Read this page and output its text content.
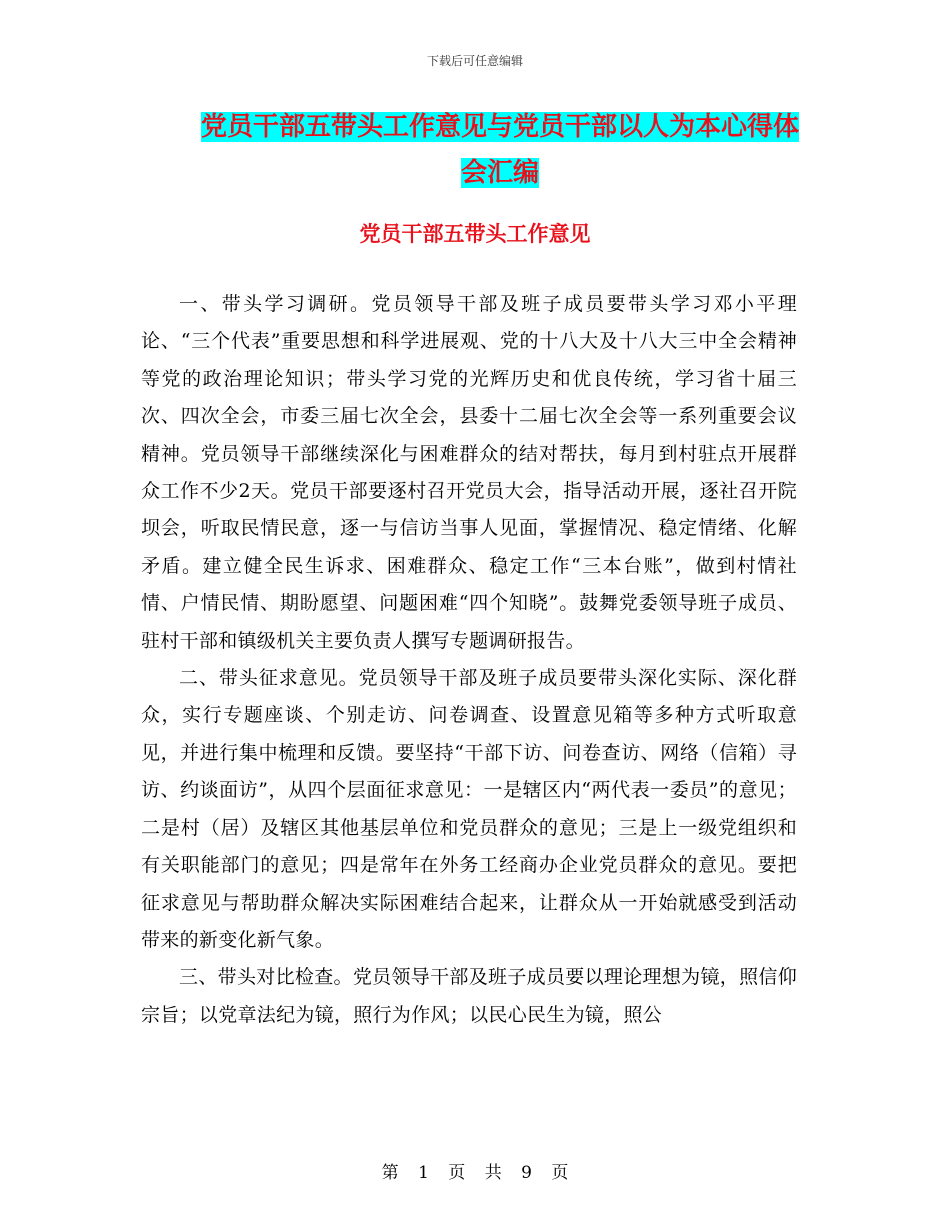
下载后可任意编辑
党员干部五带头工作意见与党员干部以人为本心得体
会汇编
党员干部五带头工作意见

一、带头学习调研。党员领导干部及班子成员要带头学习邓小平理论、“三个代表”重要思想和科学进展观、党的十八大及十八大三中全会精神等党的政治理论知识；带头学习党的光辉历史和优良传统，学习省十届三次、四次全会，市委三届七次全会，县委十二届七次全会等一系列重要会议精神。党员领导干部继续深化与困难群众的结对帮扶，每月到村驻点开展群众工作不少2天。党员干部要逐村召开党员大会，指导活动开展，逐社召开院坝会，听取民情民意，逐一与信访当事人见面，掌握情况、稳定情绪、化解矛盾。建立健全民生诉求、困难群众、稳定工作“三本台账”，做到村情社情、户情民情、期盼愿望、问题困难“四个知晓”。鼓舞党委领导班子成员、驻村干部和镇级机关主要负责人撰写专题调研报告。

二、带头征求意见。党员领导干部及班子成员要带头深化实际、深化群众，实行专题座谈、个别走访、问卷调查、设置意见箱等多种方式听取意见，并进行集中梳理和反馈。要坚持“干部下访、问卷查访、网络（信箱）寻访、约谈面访”，从四个层面征求意见：一是辖区内“两代表一委员”的意见；二是村（居）及辖区其他基层单位和党员群众的意见；三是上一级党组织和有关职能部门的意见；四是常年在外务工经商办企业党员群众的意见。要把征求意见与帮助群众解决实际困难结合起来，让群众从一开始就感受到活动带来的新变化新气象。

三、带头对比检查。党员领导干部及班子成员要以理论理想为镜，照信仰宗旨；以党章法纪为镜，照行为作风；以民心民生为镜，照公

第 1 页 共 9 页
